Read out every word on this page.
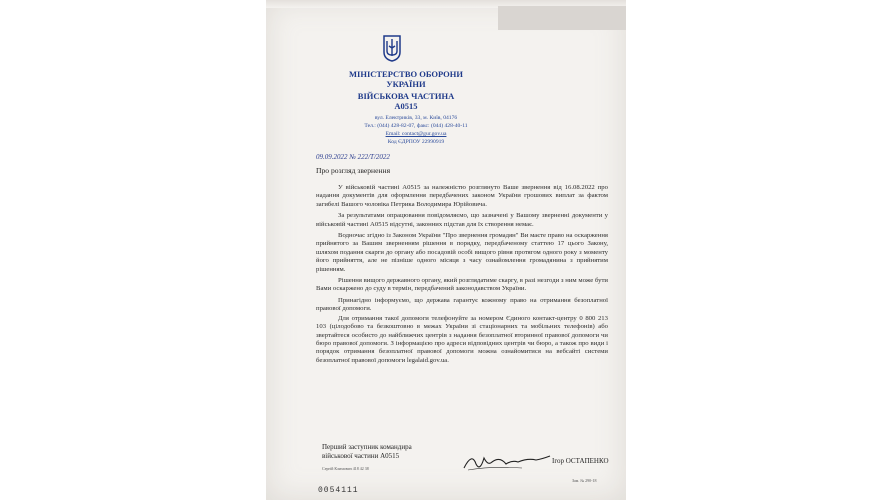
МІНІСТЕРСТВО ОБОРОНИ
УКРАЇНИ
ВІЙСЬКОВА ЧАСТИНА
А0515
вул. Електриків, 33, м. Київ, 04176
Тел.: (044) 428-82-07, факс: (044) 428-40-11
Email: contact@gur.gov.ua
Код ЄДРПОУ 22990919
09.09.2022 № 222/Т/2022
Про розгляд звернення

У військовій частині А0515 за належністю розглянуто Ваше звернення від 16.08.2022 про надання документів для оформлення передбачених законом України грошових виплат за фактом загибелі Вашого чоловіка Петрика Володимира Юрійовича.

За результатами опрацювання повідомляємо, що зазначені у Вашому зверненні документи у військовій частині А0515 відсутні, законних підстав для їх створення немає.

Водночас згідно із Законом України "Про звернення громадян" Ви маєте право на оскарження прийнятого за Вашим зверненням рішення в порядку, передбаченому статтею 17 цього Закону, шляхом подання скарги до органу або посадовій особі вищого рівня протягом одного року з моменту його прийняття, але не пізніше одного місяця з часу ознайомлення громадянина з прийнятим рішенням.

Рішення вищого державного органу, який розглядатиме скаргу, в разі незгоди з ним може бути Вами оскаржено до суду в термін, передбачений законодавством України.

Принагідно інформуємо, що держава гарантує кожному право на отримання безоплатної правової допомоги.

Для отримання такої допомоги телефонуйте за номером Єдиного контакт-центру 0 800 213 103 (цілодобово та безкоштовно в межах України зі стаціонарних та мобільних телефонів) або звертайтеся особисто до найближчих центрів з надання безоплатної вторинної правової допомоги чи бюро правової допомоги. З інформацією про адреси відповідних центрів чи бюро, а також про види і порядок отримання безоплатної правової допомоги можна ознайомитися на вебсайті системи безоплатної правової допомоги legalaid.gov.ua.

Перший заступник командира
військової частини А0515
Сергій Климович 418 42 38
Ігор ОСТАПЕНКО
Зам. № 290-18
0054111
